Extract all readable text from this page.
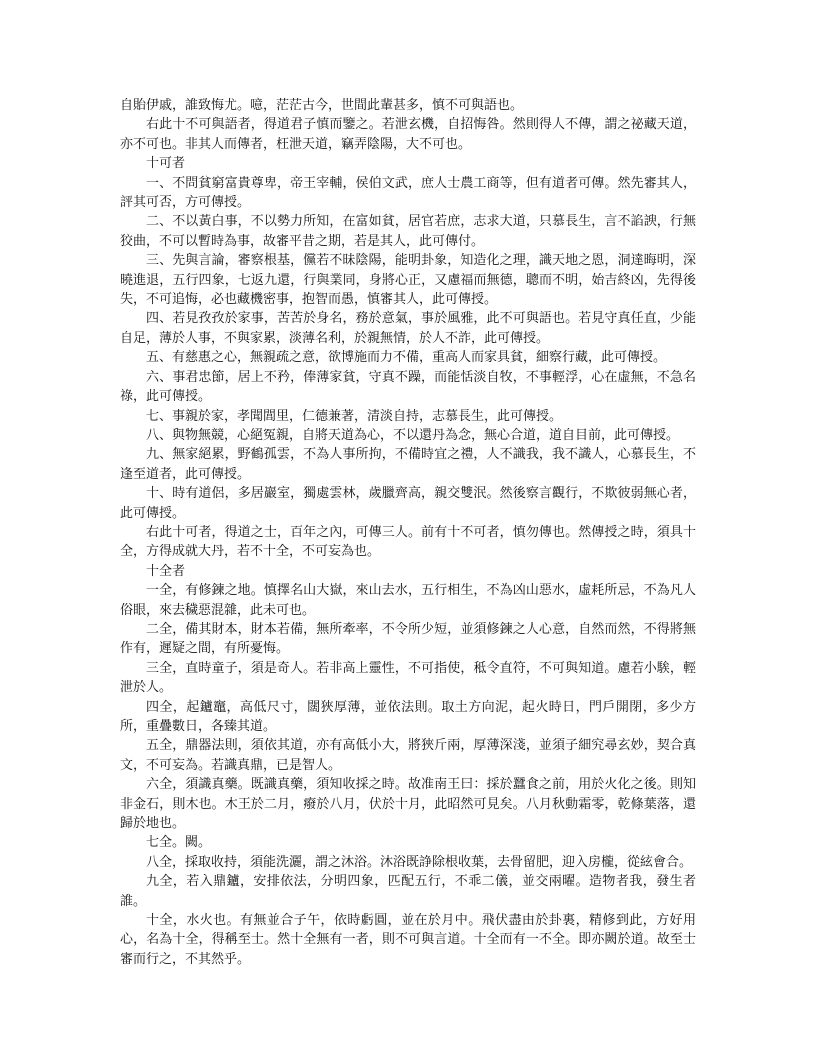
自貽伊戚，誰致悔尤。噫，茫茫古今，世間此輩甚多，慎不可與語也。

右此十不可與語者，得道君子慎而鑒之。若泄玄機，自招悔咎。然則得人不傳，謂之祕藏天道，亦不可也。非其人而傳者，枉泄天道，竊弄陰陽，大不可也。

十可者

一、不問貧窮富貴尊卑，帝王宰輔，侯伯文武，庶人士農工商等，但有道者可傳。然先審其人，評其可否，方可傳授。

二、不以黃白事，不以勢力所知，在富如貧，居官若庶，志求大道，只慕長生，言不諂諛，行無狡曲，不可以暫時為事，故審平昔之期，若是其人，此可傳付。

三、先與言論，審察根基，儻若不昧陰陽，能明卦象，知造化之理，識天地之恩，洞達晦明，深曉進退，五行四象，七返九還，行與業同，身將心正，又慮福而無德，聰而不明，始吉終凶，先得後失，不可追悔，必也藏機密事，抱智而愚，慎審其人，此可傳授。

四、若見孜孜於家事，苦苦於身名，務於意氣，事於風雅，此不可與語也。若見守真任直，少能自足，薄於人事，不與家累，淡薄名利，於親無情，於人不詐，此可傳授。

五、有慈惠之心，無親疏之意，欲博施而力不備，重高人而家具貧，細察行藏，此可傳授。

六、事君忠節，居上不矜，俸薄家貧，守真不躁，而能恬淡自牧，不事輕浮，心在虛無，不急名祿，此可傳授。

七、事親於家，孝聞閭里，仁德兼著，清淡自持，志慕長生，此可傳授。

八、與物無競，心絕冤親，自將天道為心，不以還丹為念，無心合道，道自目前，此可傳授。

九、無家絕累，野鶴孤雲，不為人事所拘，不備時宜之禮，人不識我，我不識人，心慕長生，不逢至道者，此可傳授。

十、時有道侶，多居巖室，獨處雲林，歲臘齊高，親交雙泯。然後察言觀行，不欺彼弱無心者，此可傳授。

右此十可者，得道之士，百年之內，可傳三人。前有十不可者，慎勿傳也。然傳授之時，須具十全，方得成就大丹，若不十全，不可妄為也。

十全者

一全，有修鍊之地。慎擇名山大嶽，來山去水，五行相生，不為凶山惡水，虛耗所忌，不為凡人俗眼，來去穢惡混雜，此未可也。

二全，備其財本，財本若備，無所牽率，不令所少短，並須修鍊之人心意，自然而然，不得將無作有，遲疑之間，有所憂悔。

三全，直時童子，須是奇人。若非高上靈性，不可指使，秪令直符，不可與知道。慮若小騃，輕泄於人。

四全，起鑪竈，高低尺寸，闊狹厚薄，並依法則。取土方向泥，起火時日，門戶開閉，多少方所，重疊數日，各臻其道。

五全，鼎器法則，須依其道，亦有高低小大，將狹斤兩，厚薄深淺，並須子細究尋玄妙，契合真文，不可妄為。若識真鼎，已是智人。

六全，須識真藥。既識真藥，須知收採之時。故准南王曰：採於蠶食之前，用於火化之後。則知非金石，則木也。木王於二月，癈於八月，伏於十月，此昭然可見矣。八月秋動霜零，乾條葉落，還歸於地也。

七全。闕。

八全，採取收持，須能洗灑，謂之沐浴。沐浴既諍除根收葉，去骨留肥，迎入房櫳，從絃會合。

九全，若入鼎鑪，安排依法，分明四象，匹配五行，不乖二儀，並交兩曜。造物者我，發生者誰。

十全，水火也。有無並合子午，依時虧圓，並在於月中。飛伏盡由於卦裏，精修到此，方好用心，名為十全，得稱至士。然十全無有一者，則不可與言道。十全而有一不全。即亦闕於道。故至士審而行之，不其然乎。
